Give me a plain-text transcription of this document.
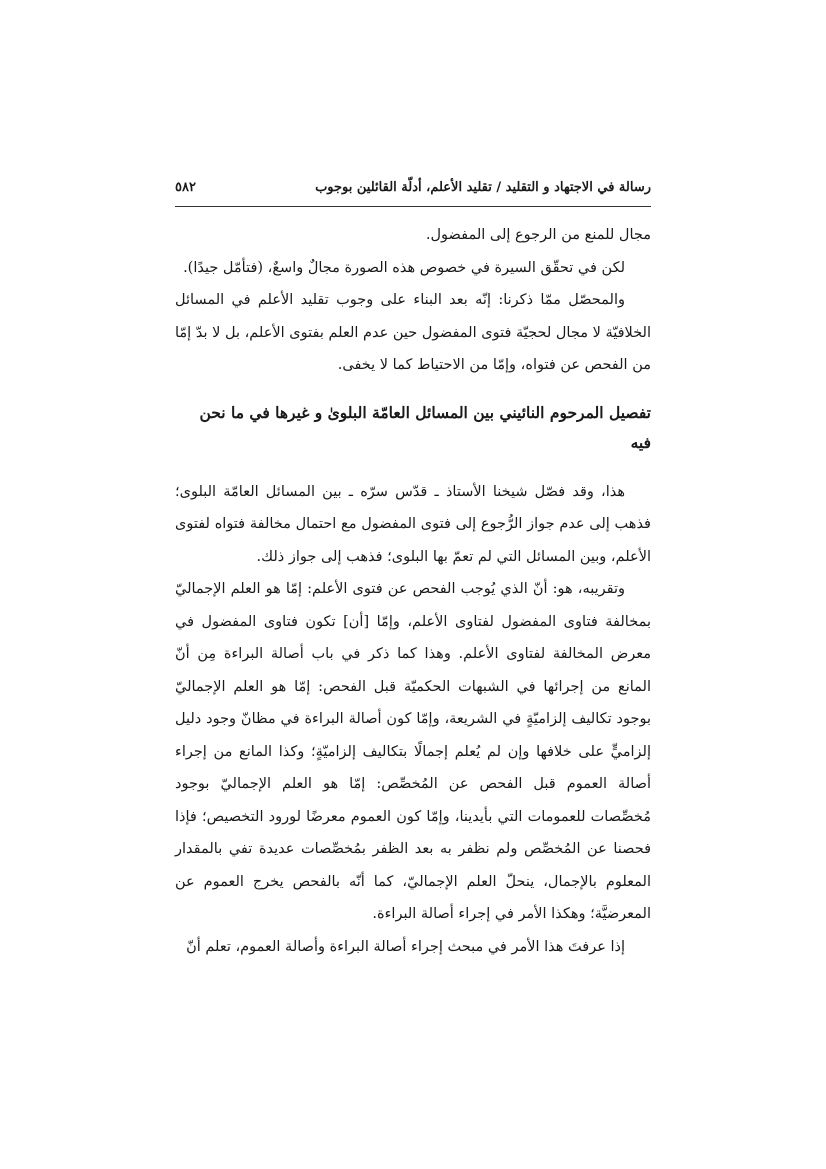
رسالة في الاجتهاد و التقليد / تقليد الأعلم، أدلّة القائلين بوجوب
٥٨٢

مجال للمنع من الرجوع إلى المفضول.

لكن في تحقّق السيرة في خصوص هذه الصورة مجالٌ واسعٌ، (فتأمّل جيدًا).

والمحصّل ممّا ذكرنا: إنّه بعد البناء على وجوب تقليد الأعلم في المسائل الخلافيّة لا مجال لحجيّة فتوى المفضول حين عدم العلم بفتوى الأعلم، بل لا بدّ إمّا من الفحص عن فتواه، وإمّا من الاحتياط كما لا يخفى.

تفصيل المرحوم النائيني بين المسائل العامّة البلوىٰ و غيرها في ما نحن فيه

هذا، وقد فصّل شيخنا الأستاذ ـ قدّس سرّه ـ بين المسائل العامّة البلوى؛ فذهب إلى عدم جواز الرُّجوع إلى فتوى المفضول مع احتمال مخالفة فتواه لفتوى الأعلم، وبين المسائل التي لم تعمّ بها البلوى؛ فذهب إلى جواز ذلك.

وتقريبه، هو: أنّ الذي يُوجب الفحص عن فتوى الأعلم: إمّا هو العلم الإجماليّ بمخالفة فتاوى المفضول لفتاوى الأعلم، وإمّا [أن] تكون فتاوى المفضول في معرض المخالفة لفتاوى الأعلم. وهذا كما ذكر في باب أصالة البراءة مِن أنّ المانع من إجرائها في الشبهات الحكميّة قبل الفحص: إمّا هو العلم الإجماليّ بوجود تكاليف إلزاميّةٍ في الشريعة، وإمّا كون أصالة البراءة في مظانّ وجود دليل إلزاميٍّ على خلافها وإن لم يُعلم إجمالًا بتكاليف إلزاميّةٍ؛ وكذا المانع من إجراء أصالة العموم قبل الفحص عن المُخصِّص: إمّا هو العلم الإجماليّ بوجود مُخصِّصات للعمومات التي بأيدينا، وإمّا كون العموم معرضًا لورود التخصيص؛ فإذا فحصنا عن المُخصِّص ولم نظفر به بعد الظفر بمُخصِّصات عديدة تفي بالمقدار المعلوم بالإجمال، ينحلّ العلم الإجماليّ، كما أنّه بالفحص يخرج العموم عن المعرضيَّة؛ وهكذا الأمر في إجراء أصالة البراءة.

إذا عرفتَ هذا الأمر في مبحث إجراء أصالة البراءة وأصالة العموم، تعلم أنّ
